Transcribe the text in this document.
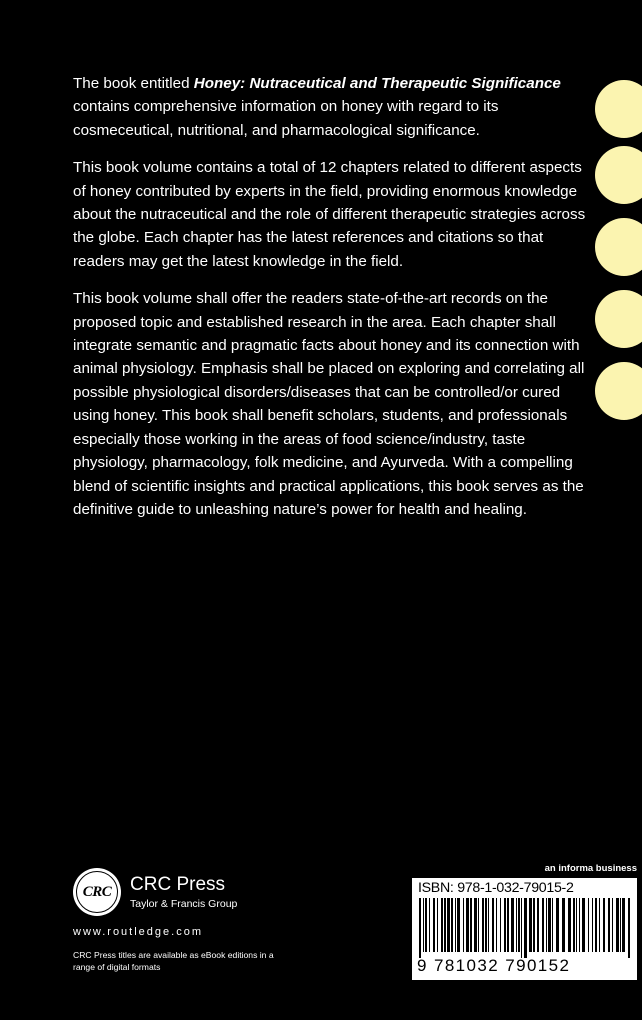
The book entitled Honey: Nutraceutical and Therapeutic Significance contains comprehensive information on honey with regard to its cosmeceutical, nutritional, and pharmacological significance.

This book volume contains a total of 12 chapters related to different aspects of honey contributed by experts in the field, providing enormous knowledge about the nutraceutical and the role of different therapeutic strategies across the globe. Each chapter has the latest references and citations so that readers may get the latest knowledge in the field.

This book volume shall offer the readers state-of-the-art records on the proposed topic and established research in the area. Each chapter shall integrate semantic and pragmatic facts about honey and its connection with animal physiology. Emphasis shall be placed on exploring and correlating all possible physiological disorders/diseases that can be controlled/or cured using honey. This book shall benefit scholars, students, and professionals especially those working in the areas of food science/industry, taste physiology, pharmacology, folk medicine, and Ayurveda. With a compelling blend of scientific insights and practical applications, this book serves as the definitive guide to unleashing nature’s power for health and healing.

CRC CRC Press
Taylor & Francis Group
www.routledge.com
CRC Press titles are available as eBook editions in a range of digital formats
an informa business
ISBN: 978-1-032-79015-2
9 781032 790152
